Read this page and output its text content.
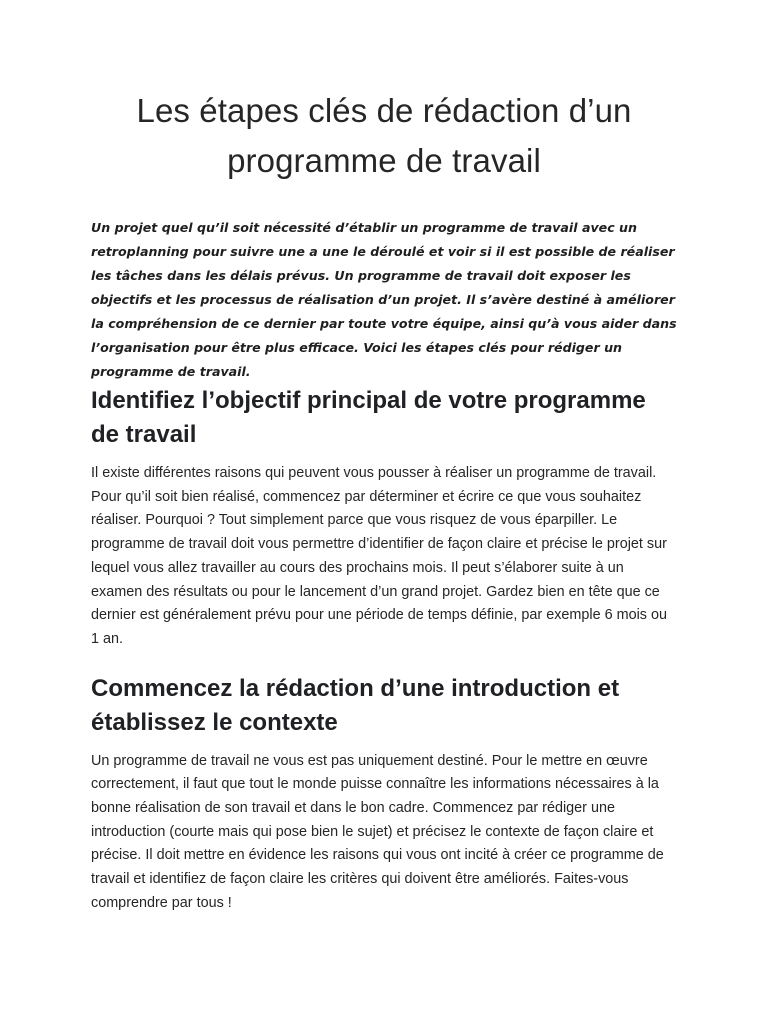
Les étapes clés de rédaction d’un programme de travail

Un projet quel qu’il soit nécessité d’établir un programme de travail avec un retroplanning pour suivre une a une le déroulé et voir si il est possible de réaliser les tâches dans les délais prévus. Un programme de travail doit exposer les objectifs et les processus de réalisation d’un projet. Il s’avère destiné à améliorer la compréhension de ce dernier par toute votre équipe, ainsi qu’à vous aider dans l’organisation pour être plus efficace. Voici les étapes clés pour rédiger un programme de travail.

Identifiez l’objectif principal de votre programme de travail

Il existe différentes raisons qui peuvent vous pousser à réaliser un programme de travail. Pour qu’il soit bien réalisé, commencez par déterminer et écrire ce que vous souhaitez réaliser. Pourquoi ? Tout simplement parce que vous risquez de vous éparpiller. Le programme de travail doit vous permettre d’identifier de façon claire et précise le projet sur lequel vous allez travailler au cours des prochains mois. Il peut s’élaborer suite à un examen des résultats ou pour le lancement d’un grand projet. Gardez bien en tête que ce dernier est généralement prévu pour une période de temps définie, par exemple 6 mois ou 1 an.

Commencez la rédaction d’une introduction et établissez le contexte

Un programme de travail ne vous est pas uniquement destiné. Pour le mettre en œuvre correctement, il faut que tout le monde puisse connaître les informations nécessaires à la bonne réalisation de son travail et dans le bon cadre. Commencez par rédiger une introduction (courte mais qui pose bien le sujet) et précisez le contexte de façon claire et précise. Il doit mettre en évidence les raisons qui vous ont incité à créer ce programme de travail et identifiez de façon claire les critères qui doivent être améliorés. Faites-vous comprendre par tous !
